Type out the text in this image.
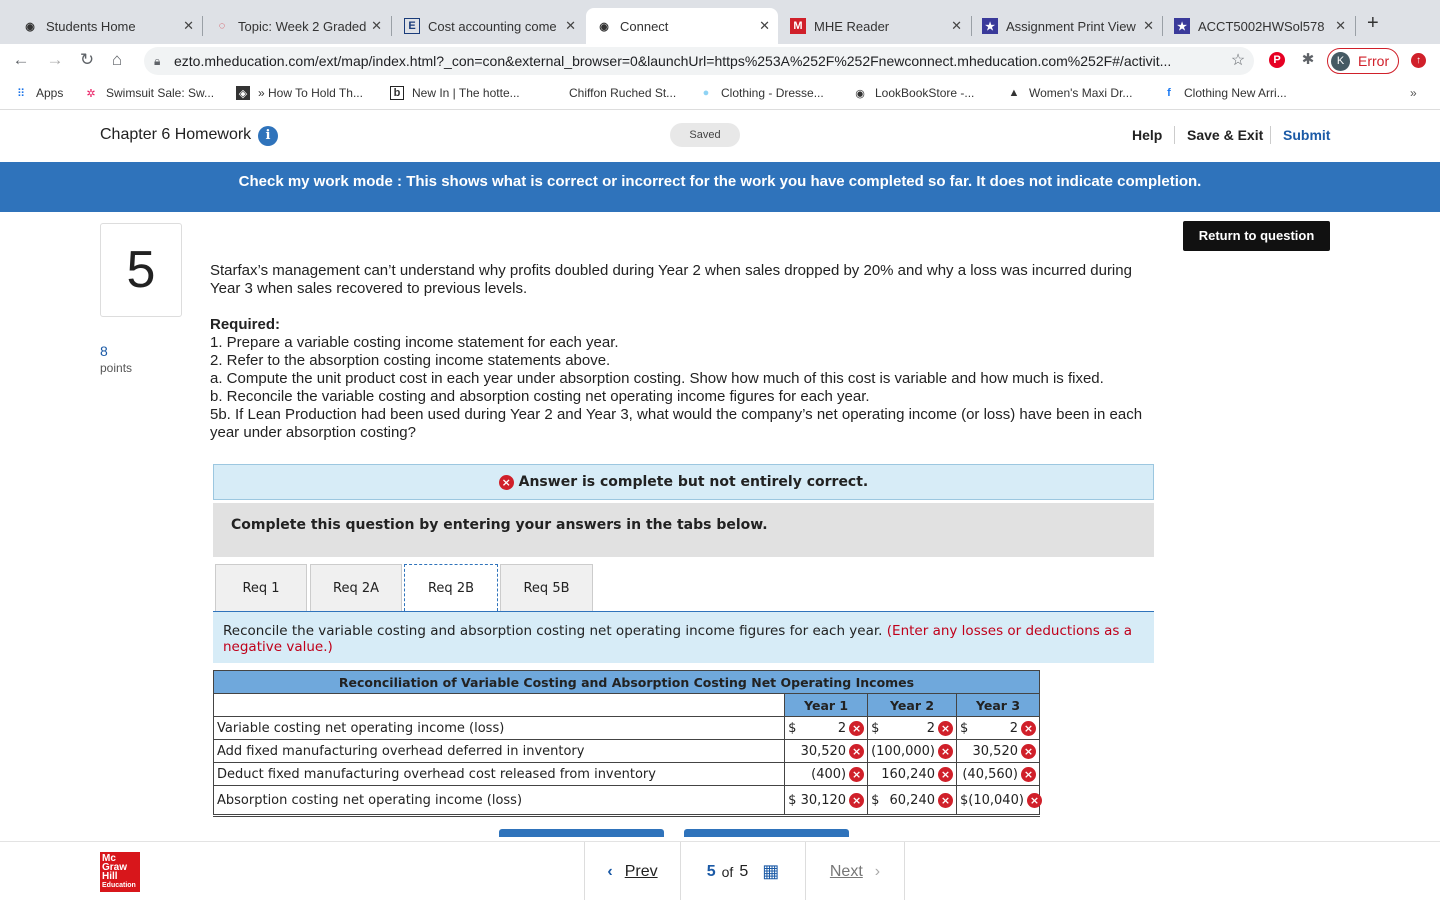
◉ Students Home	✕	◌ Topic: Week 2 Graded ✕	E Cost accounting come ✕ ◉ Connect	✕	M MHE Reader	✕ ★ Assignment Print View ✕ ★ ACCT5002HWSol578 ✕ +
← → ↻	⌂	🔒︎ ezto.mheducation.com/ext/map/index.html?_con=con&external_browser=0&launchUrl=https%253A%252F%252Fnewconnect.mheducation.com%252F#/activit...	☆	P	✱	K Error	↑
⠿ Apps ✲ Swimsuit Sale: Sw... ◈ » How To Hold Th...	b New In | The hotte...	Chiffon Ruched St...	● Clothing - Dresse...	◉ LookBookStore -...	▲ Women's Maxi Dr...	f	Clothing New Arri...	»
Chapter 6 Homework	i	Saved	Help Save & Exit Submit
Check my work mode : This shows what is correct or incorrect for the work you have completed so far. It does not indicate completion.
Return to question
5
8
points
Starfax’s management can’t understand why profits doubled during Year 2 when sales dropped by 20% and why a loss was incurred during Year 3 when sales recovered to previous levels.
Required:
1. Prepare a variable costing income statement for each year.
2. Refer to the absorption costing income statements above.
a. Compute the unit product cost in each year under absorption costing. Show how much of this cost is variable and how much is fixed.
b. Reconcile the variable costing and absorption costing net operating income figures for each year.
5b. If Lean Production had been used during Year 2 and Year 3, what would the company’s net operating income (or loss) have been in each year under absorption costing?
× Answer is complete but not entirely correct.
Complete this question by entering your answers in the tabs below.
Req 1	Req 2A	Req 2B	Req 5B
Reconcile the variable costing and absorption costing net operating income figures for each year. (Enter any losses or deductions as a negative value.)
Reconciliation of Variable Costing and Absorption Costing Net Operating Incomes			
	Year 1	Year 2	Year 3
Variable costing net operating income (loss)	$ 2 ×	$ 2 ×	$ 2 ×
Add fixed manufacturing overhead deferred in inventory	30,520 ×	(100,000) ×	30,520 ×
Deduct fixed manufacturing overhead cost released from inventory	(400) ×	160,240 ×	(40,560) ×
Absorption costing net operating income (loss)	$ 30,120 ×	$ 60,240 ×	$ (10,040) ×
Mc
Graw
Hill
Education
‹ Prev	5 of 5 ▦	Next ›
